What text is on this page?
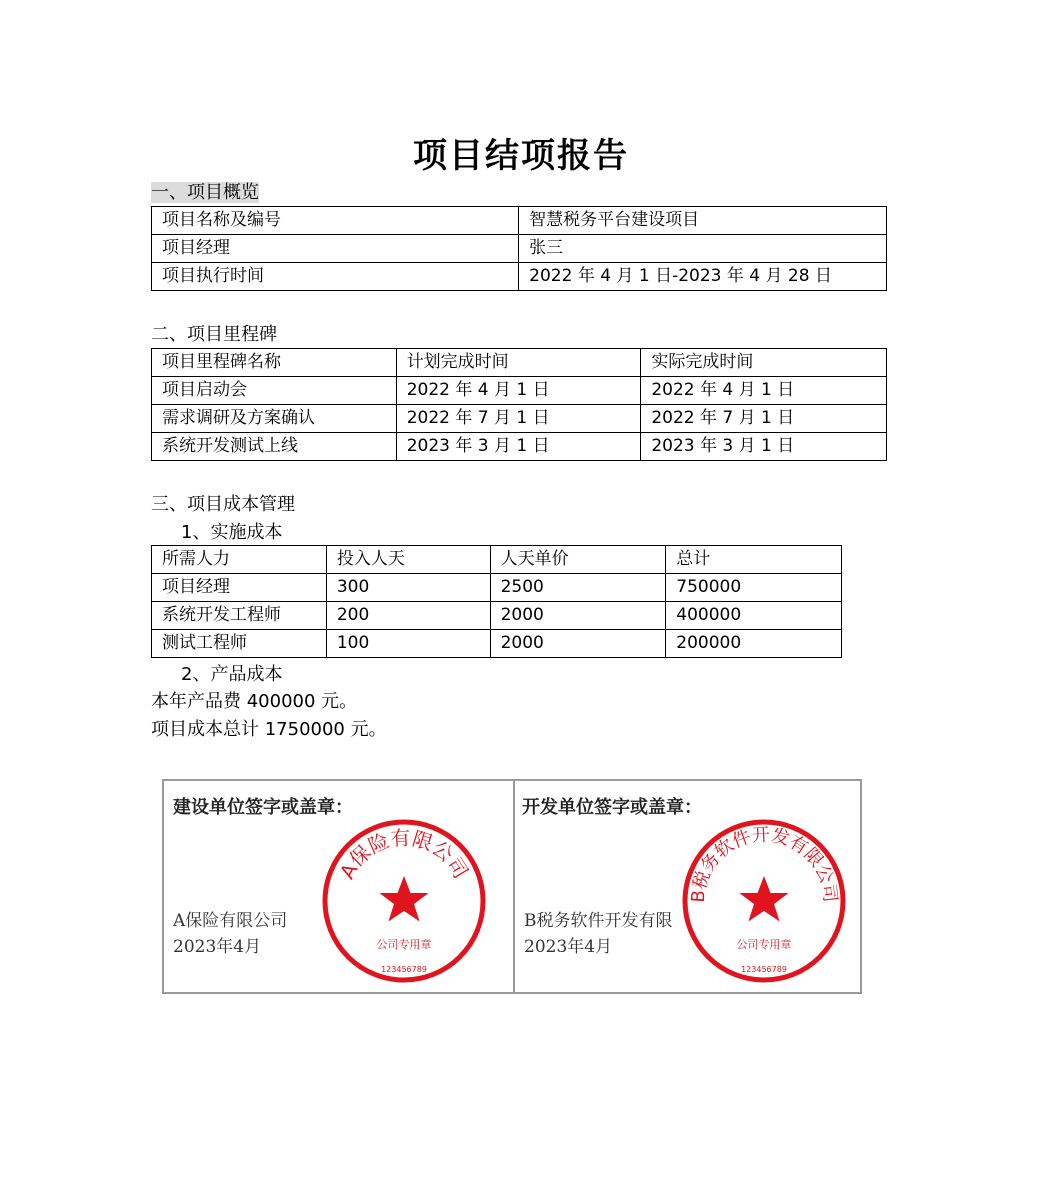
项目结项报告
一、项目概览
项目名称及编号	智慧税务平台建设项目
项目经理	张三
项目执行时间	2022 年 4 月 1 日-2023 年 4 月 28 日
二、项目里程碑
项目里程碑名称	计划完成时间	实际完成时间
项目启动会	2022 年 4 月 1 日	2022 年 4 月 1 日
需求调研及方案确认	2022 年 7 月 1 日	2022 年 7 月 1 日
系统开发测试上线	2023 年 3 月 1 日	2023 年 3 月 1 日
三、项目成本管理
1、实施成本
所需人力	投入人天	人天单价	总计
项目经理	300	2500	750000
系统开发工程师	200	2000	400000
测试工程师	100	2000	200000
2、产品成本
本年产品费 400000 元。
项目成本总计 1750000 元。
建设单位签字或盖章：
A保险有限公司
2023年4月
开发单位签字或盖章：
B税务软件开发有限
2023年4月
A保险有限公司
公司专用章
123456789
B税务软件开发有限公司
公司专用章
123456789
